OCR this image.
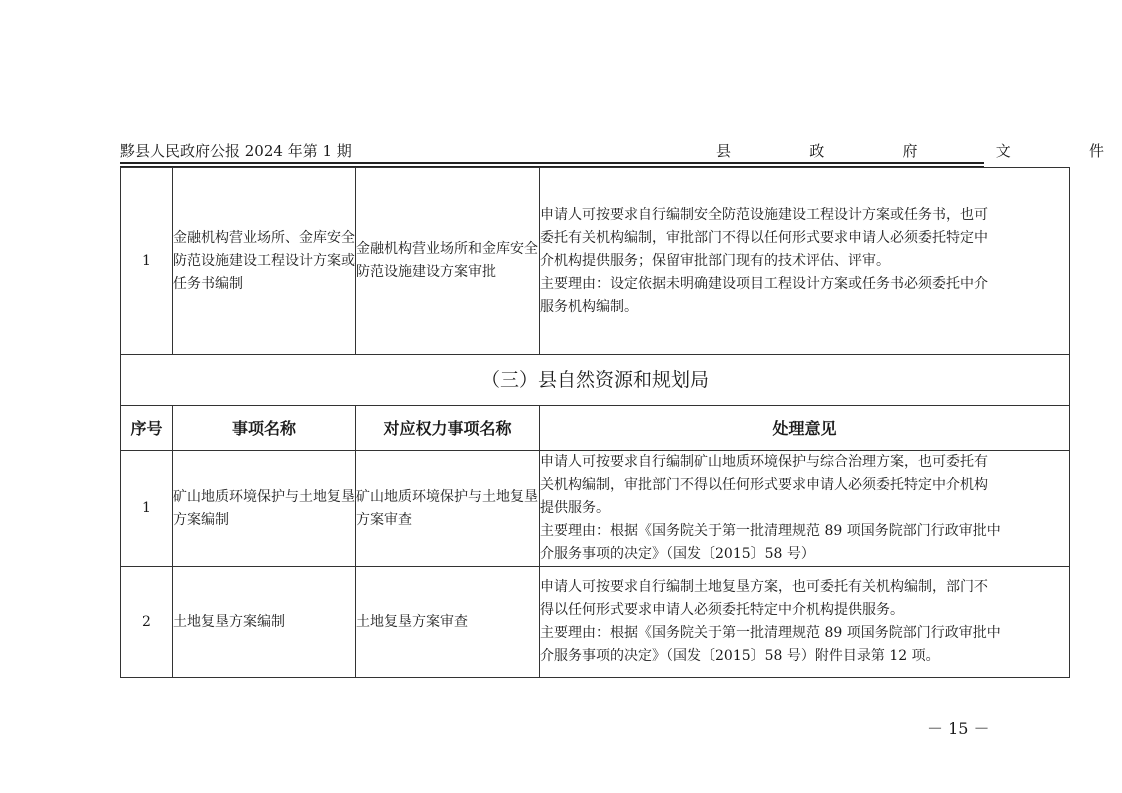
黟县人民政府公报 2024 年第 1 期	县	政	府	文	件
1	金融机构营业场所、金库安全防范设施建设工程设计方案或任务书编制	金融机构营业场所和金库安全防范设施建设方案审批	申请人可按要求自行编制安全防范设施建设工程设计方案或任务书，也可
委托有关机构编制，审批部门不得以任何形式要求申请人必须委托特定中
介机构提供服务；保留审批部门现有的技术评估、评审。
主要理由：设定依据未明确建设项目工程设计方案或任务书必须委托中介
服务机构编制。

（三）县自然资源和规划局			

序号	事项名称	对应权力事项名称	处理意见
1	矿山地质环境保护与土地复垦方案编制	矿山地质环境保护与土地复垦方案审查	申请人可按要求自行编制矿山地质环境保护与综合治理方案，也可委托有
关机构编制，审批部门不得以任何形式要求申请人必须委托特定中介机构
提供服务。
主要理由：根据《国务院关于第一批清理规范 89 项国务院部门行政审批中
介服务事项的决定》（国发〔2015〕58 号）

2	土地复垦方案编制	土地复垦方案审查	申请人可按要求自行编制土地复垦方案，也可委托有关机构编制，部门不
得以任何形式要求申请人必须委托特定中介机构提供服务。
主要理由：根据《国务院关于第一批清理规范 89 项国务院部门行政审批中
介服务事项的决定》（国发〔2015〕58 号）附件目录第 12 项。
－ 15 －
